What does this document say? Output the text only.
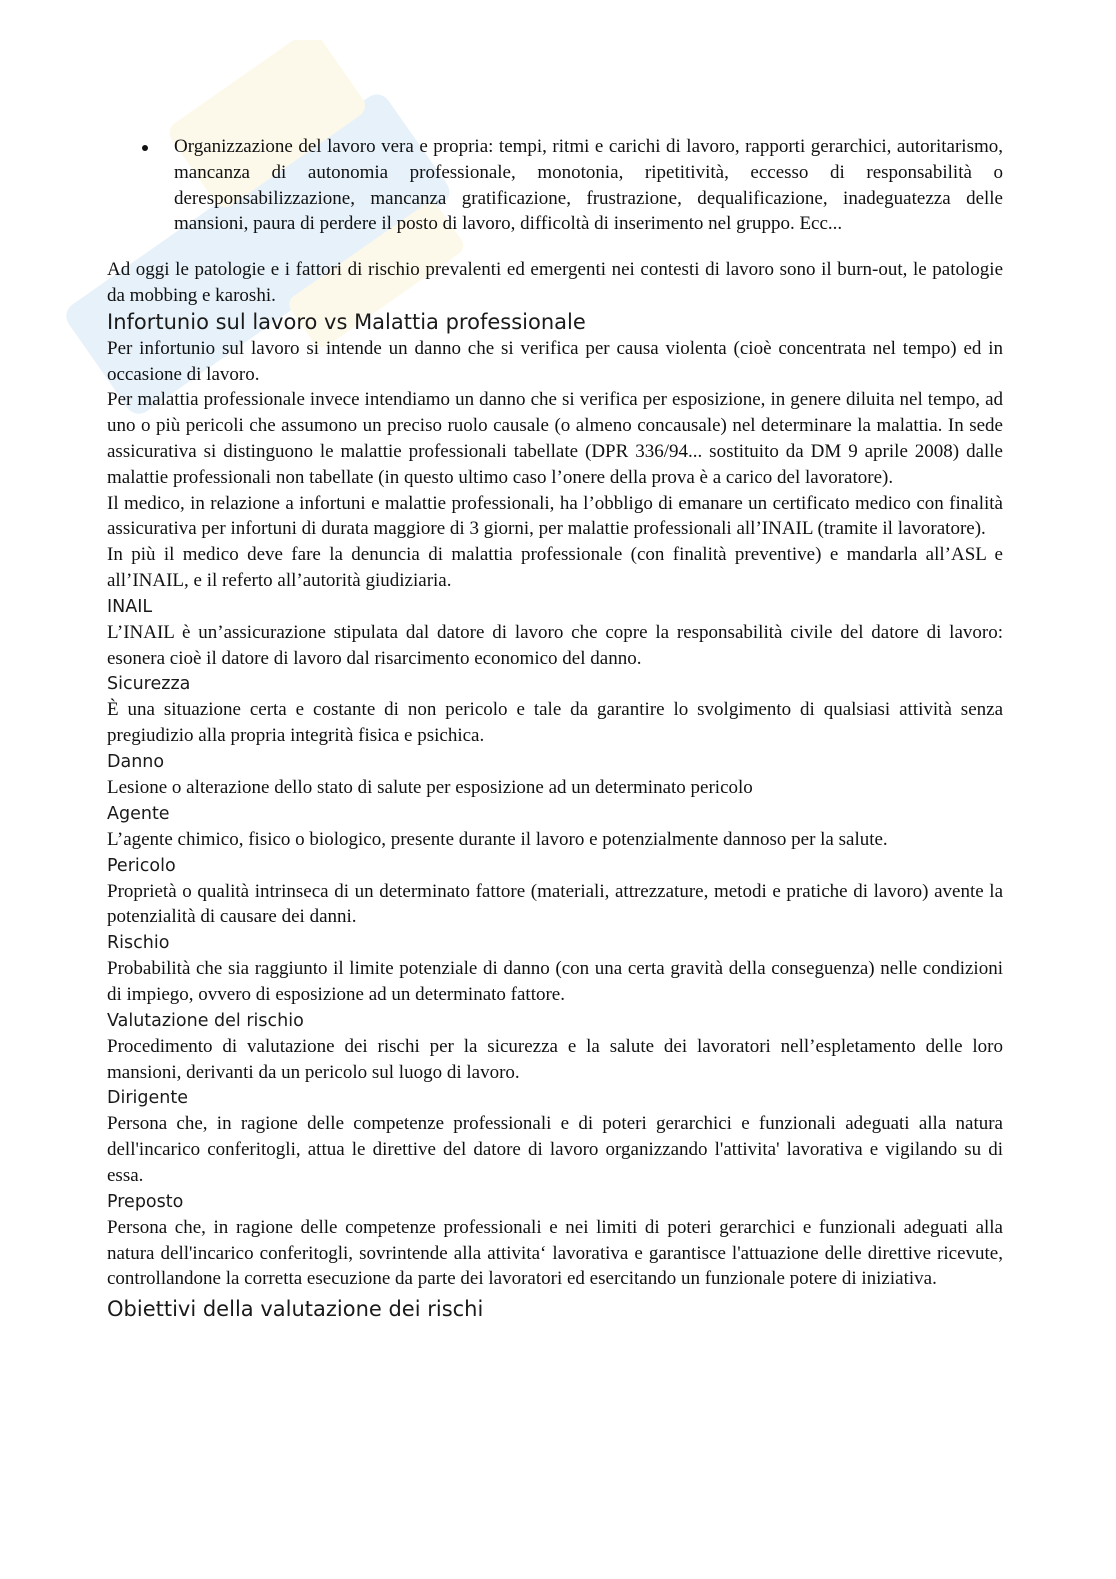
Organizzazione del lavoro vera e propria: tempi, ritmi e carichi di lavoro, rapporti gerarchici, autoritarismo, mancanza di autonomia professionale, monotonia, ripetitività, eccesso di responsabilità o deresponsabilizzazione, mancanza gratificazione, frustrazione, dequalificazione, inadeguatezza delle mansioni, paura di perdere il posto di lavoro, difficoltà di inserimento nel gruppo. Ecc...

Ad oggi le patologie e i fattori di rischio prevalenti ed emergenti nei contesti di lavoro sono il burn-out, le patologie da mobbing e karoshi.

Infortunio sul lavoro vs Malattia professionale

Per infortunio sul lavoro si intende un danno che si verifica per causa violenta (cioè concentrata nel tempo) ed in occasione di lavoro.

Per malattia professionale invece intendiamo un danno che si verifica per esposizione, in genere diluita nel tempo, ad uno o più pericoli che assumono un preciso ruolo causale (o almeno concausale) nel determinare la malattia. In sede assicurativa si distinguono le malattie professionali tabellate (DPR 336/94... sostituito da DM 9 aprile 2008) dalle malattie professionali non tabellate (in questo ultimo caso l’onere della prova è a carico del lavoratore).

Il medico, in relazione a infortuni e malattie professionali, ha l’obbligo di emanare un certificato medico con finalità assicurativa per infortuni di durata maggiore di 3 giorni, per malattie professionali all’INAIL (tramite il lavoratore).

In più il medico deve fare la denuncia di malattia professionale (con finalità preventive) e mandarla all’ASL e all’INAIL, e il referto all’autorità giudiziaria.

INAIL

L’INAIL è un’assicurazione stipulata dal datore di lavoro che copre la responsabilità civile del datore di lavoro: esonera cioè il datore di lavoro dal risarcimento economico del danno.

Sicurezza

È una situazione certa e costante di non pericolo e tale da garantire lo svolgimento di qualsiasi attività senza pregiudizio alla propria integrità fisica e psichica.

Danno

Lesione o alterazione dello stato di salute per esposizione ad un determinato pericolo

Agente

L’agente chimico, fisico o biologico, presente durante il lavoro e potenzialmente dannoso per la salute.

Pericolo

Proprietà o qualità intrinseca di un determinato fattore (materiali, attrezzature, metodi e pratiche di lavoro) avente la potenzialità di causare dei danni.

Rischio

Probabilità che sia raggiunto il limite potenziale di danno (con una certa gravità della conseguenza) nelle condizioni di impiego, ovvero di esposizione ad un determinato fattore.

Valutazione del rischio

Procedimento di valutazione dei rischi per la sicurezza e la salute dei lavoratori nell’espletamento delle loro mansioni, derivanti da un pericolo sul luogo di lavoro.

Dirigente

Persona che, in ragione delle competenze professionali e di poteri gerarchici e funzionali adeguati alla natura dell'incarico conferitogli, attua le direttive del datore di lavoro organizzando l'attivita' lavorativa e vigilando su di essa.

Preposto

Persona che, in ragione delle competenze professionali e nei limiti di poteri gerarchici e funzionali adeguati alla natura dell'incarico conferitogli, sovrintende alla attivita‘ lavorativa e garantisce l'attuazione delle direttive ricevute, controllandone la corretta esecuzione da parte dei lavoratori ed esercitando un funzionale potere di iniziativa.

Obiettivi della valutazione dei rischi
